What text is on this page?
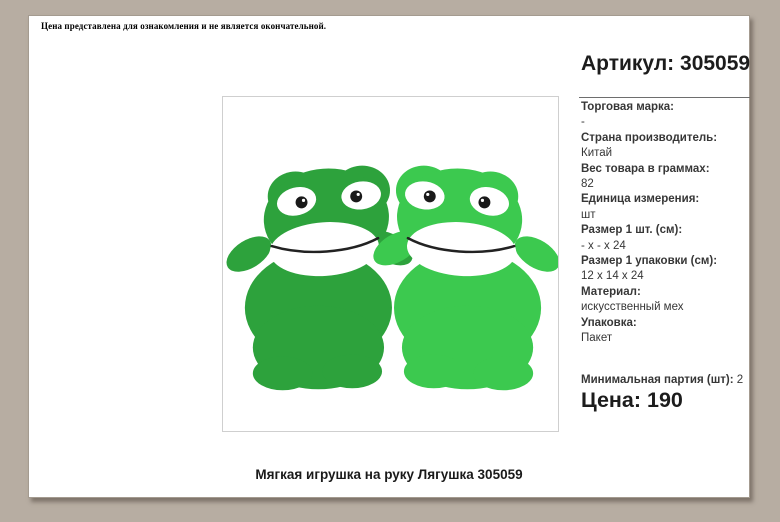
Цена представлена для ознакомления и не является окончательной.
Артикул: 305059
Торговая марка:
-
Страна производитель:
Китай
Вес товара в граммах:
82
Единица измерения:
шт
Размер 1 шт. (см):
- x - x 24
Размер 1 упаковки (см):
12 x 14 x 24
Материал:
искусственный мех
Упаковка:
Пакет
Минимальная партия (шт): 2
Цена: 190
Мягкая игрушка на руку Лягушка 305059
